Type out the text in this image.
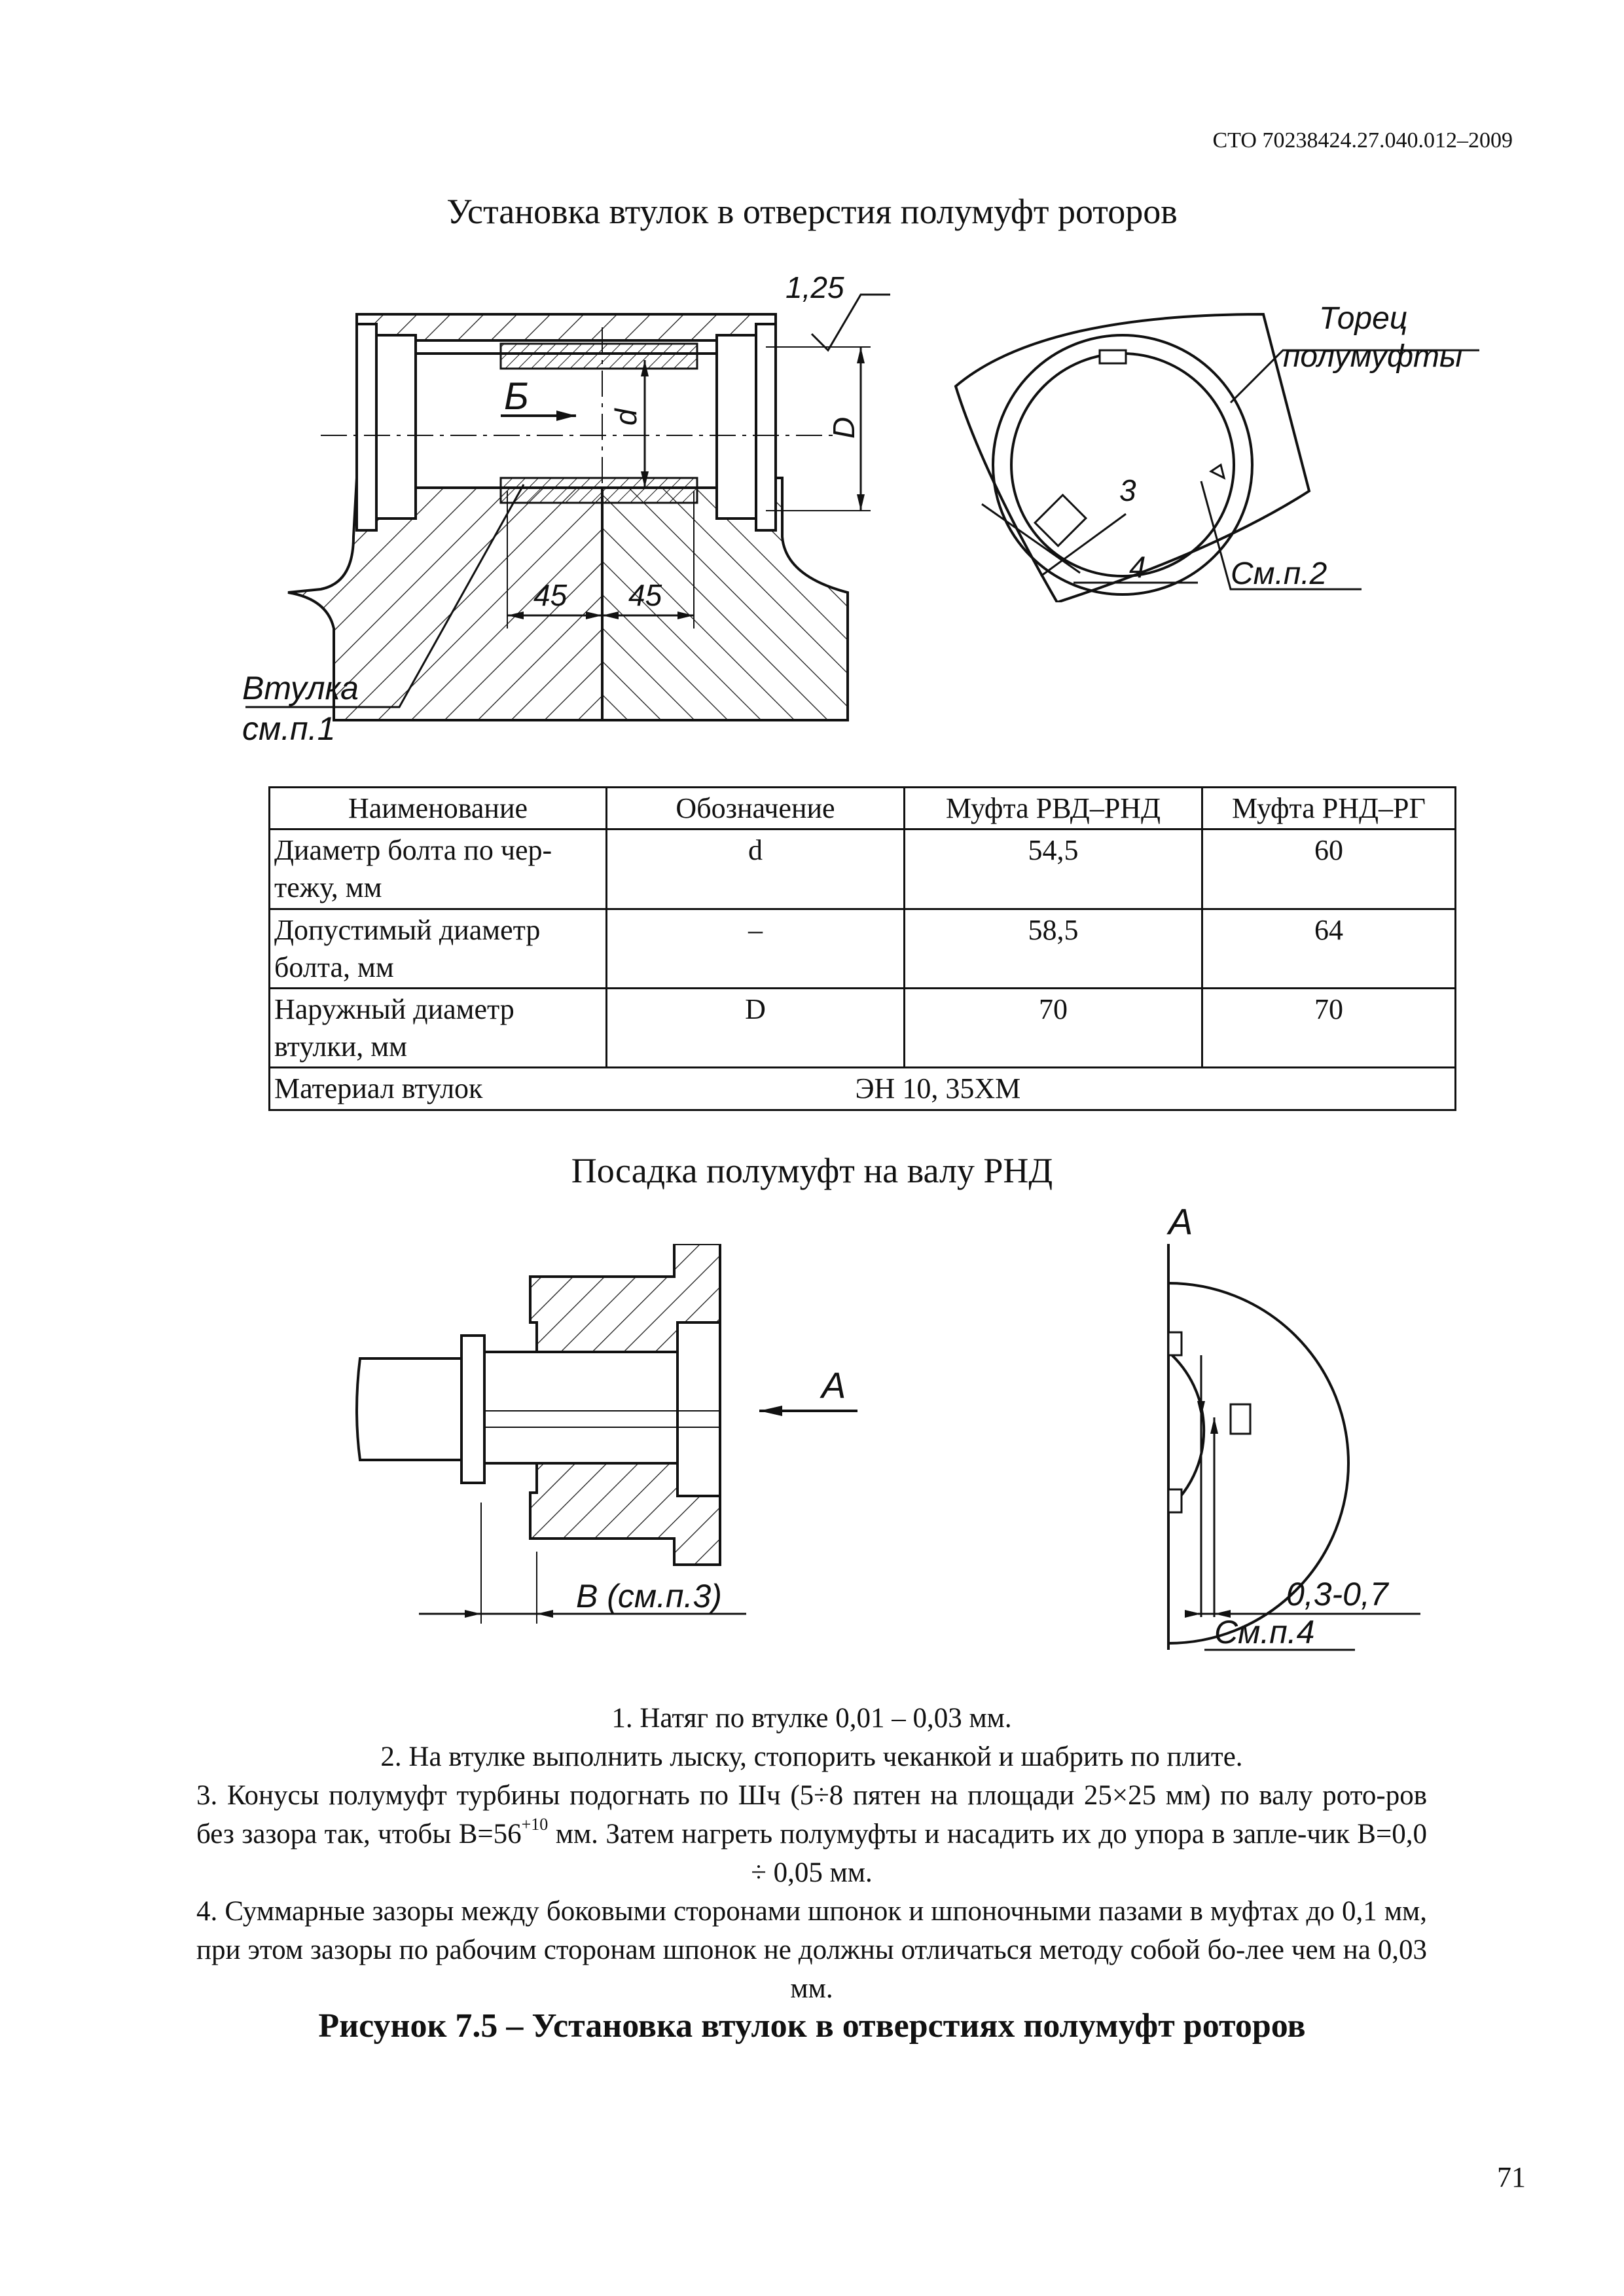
СТО 70238424.27.040.012–2009
Установка втулок в отверстия полумуфт роторов
Б	d	D
1,25
45 45
Втулка
см.п.1
3
4	См.п.2
Торец
полумуфты
Наименование	Обозначение	Муфта РВД–РНД	Муфта РНД–РГ
Диаметр болта по чер-тежу, мм	d	54,5	60
Допустимый диаметр болта, мм	–	58,5	64
Наружный диаметр втулки, мм	D	70	70
Материал втулок	ЭН 10, 35ХМ		
Посадка полумуфт на валу РНД
А
В (см.п.3)
А
0,3-0,7
См.п.4

1. Натяг по втулке 0,01 – 0,03 мм.

2. На втулке выполнить лыску, стопорить чеканкой и шабрить по плите.

3. Конусы полумуфт турбины подогнать по Шч (5÷8 пятен на площади 25×25 мм) по валу рото-ров без зазора так, чтобы $В=56^{+10}$ мм. Затем нагреть полумуфты и насадить их до упора в запле-чик В=0,0 ÷ 0,05 мм.

4. Суммарные зазоры между боковыми сторонами шпонок и шпоночными пазами в муфтах до 0,1 мм, при этом зазоры по рабочим сторонам шпонок не должны отличаться методу собой бо-лее чем на 0,03 мм.

Рисунок 7.5 – Установка втулок в отверстиях полумуфт роторов
71
